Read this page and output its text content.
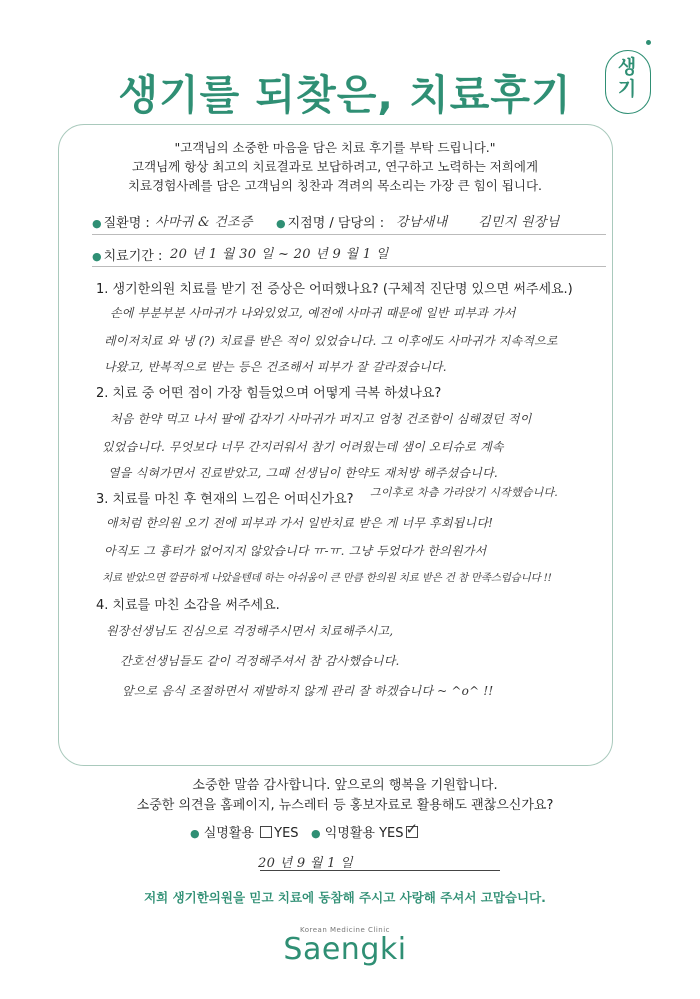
생기를 되찾은, 치료후기
생기
"고객님의 소중한 마음을 담은 치료 후기를 부탁 드립니다."
고객님께 항상 최고의 치료결과로 보답하려고, 연구하고 노력하는 저희에게
치료경험사례를 담은 고객님의 칭찬과 격려의 목소리는 가장 큰 힘이 됩니다.
● 질환명 : 사마귀 & 건조증 ● 지점명 / 담당의 : 강남새내 김민지 원장님
● 치료기간 : 20 년 1 월 30 일 ~ 20 년 9 월 1 일
1. 생기한의원 치료를 받기 전 증상은 어떠했나요? (구체적 진단명 있으면 써주세요.)
손에 부분부분 사마귀가 나와있었고, 예전에 사마귀 때문에 일반 피부과 가서
레이저치료 와 냉 (?) 치료를 받은 적이 있었습니다. 그 이후에도 사마귀가 지속적으로
나왔고, 반복적으로 받는 등은 건조해서 피부가 잘 갈라졌습니다.
2. 치료 중 어떤 점이 가장 힘들었으며 어떻게 극복 하셨나요?
처음 한약 먹고 나서 팔에 갑자기 사마귀가 퍼지고 엄청 건조함이 심해졌던 적이
있었습니다. 무엇보다 너무 간지러워서 참기 어려웠는데 샘이 오티슈로 계속
열을 식혀가면서 진료받았고, 그때 선생님이 한약도 재처방 해주셨습니다.
3. 치료를 마친 후 현재의 느낌은 어떠신가요? 그이후로 차츰 가라앉기 시작했습니다.
애처럼 한의원 오기 전에 피부과 가서 일반치료 받은 게 너무 후회됩니다!
아직도 그 흉터가 없어지지 않았습니다 ㅠ-ㅠ. 그냥 두었다가 한의원가서
치료 받았으면 깔끔하게 나았을텐데 하는 아쉬움이 큰 만큼 한의원 치료 받은 건 참 만족스럽습니다 !!
4. 치료를 마친 소감을 써주세요.
원장선생님도 진심으로 걱정해주시면서 치료해주시고,
간호선생님들도 같이 걱정해주셔서 참 감사했습니다.
앞으로 음식 조절하면서 재발하지 않게 관리 잘 하겠습니다 ~ ^o^ !!
소중한 말씀 감사합니다. 앞으로의 행복을 기원합니다.
소중한 의견을 홈페이지, 뉴스레터 등 홍보자료로 활용해도 괜찮으신가요?
● 실명활용 YES ● 익명활용 YES ✓
20 년 9 월 1 일
저희 생기한의원을 믿고 치료에 동참해 주시고 사랑해 주셔서 고맙습니다.
Korean Medicine Clinic
Saengki
